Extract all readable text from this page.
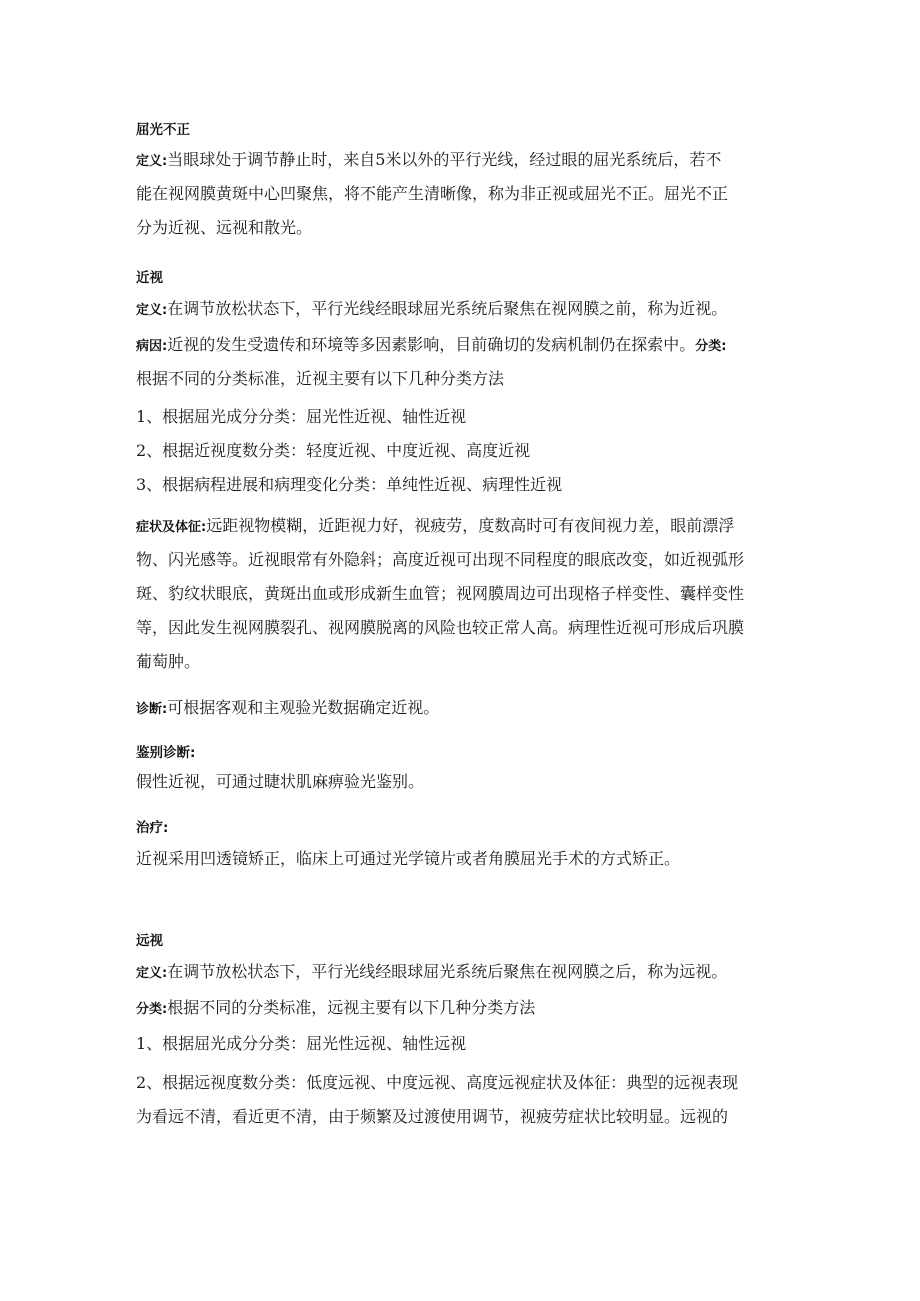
屈光不正
定义:当眼球处于调节静止时，来自5米以外的平行光线，经过眼的屈光系统后，若不
能在视网膜黄斑中心凹聚焦，将不能产生清晰像，称为非正视或屈光不正。屈光不正
分为近视、远视和散光。
近视
定义:在调节放松状态下，平行光线经眼球屈光系统后聚焦在视网膜之前，称为近视。
病因:近视的发生受遗传和环境等多因素影响，目前确切的发病机制仍在探索中。分类:
根据不同的分类标准，近视主要有以下几种分类方法
1、根据屈光成分分类：屈光性近视、轴性近视
2、根据近视度数分类：轻度近视、中度近视、高度近视
3、根据病程进展和病理变化分类：单纯性近视、病理性近视
症状及体征:远距视物模糊，近距视力好，视疲劳，度数高时可有夜间视力差，眼前漂浮
物、闪光感等。近视眼常有外隐斜；高度近视可出现不同程度的眼底改变，如近视弧形
斑、豹纹状眼底，黄斑出血或形成新生血管；视网膜周边可出现格子样变性、囊样变性
等，因此发生视网膜裂孔、视网膜脱离的风险也较正常人高。病理性近视可形成后巩膜
葡萄肿。
诊断:可根据客观和主观验光数据确定近视。
鉴别诊断:
假性近视，可通过睫状肌麻痹验光鉴别。
治疗:
近视采用凹透镜矫正，临床上可通过光学镜片或者角膜屈光手术的方式矫正。
远视
定义:在调节放松状态下，平行光线经眼球屈光系统后聚焦在视网膜之后，称为远视。
分类:根据不同的分类标准，远视主要有以下几种分类方法
1、根据屈光成分分类：屈光性远视、轴性远视
2、根据远视度数分类：低度远视、中度远视、高度远视症状及体征：典型的远视表现
为看远不清，看近更不清，由于频繁及过渡使用调节，视疲劳症状比较明显。远视的
